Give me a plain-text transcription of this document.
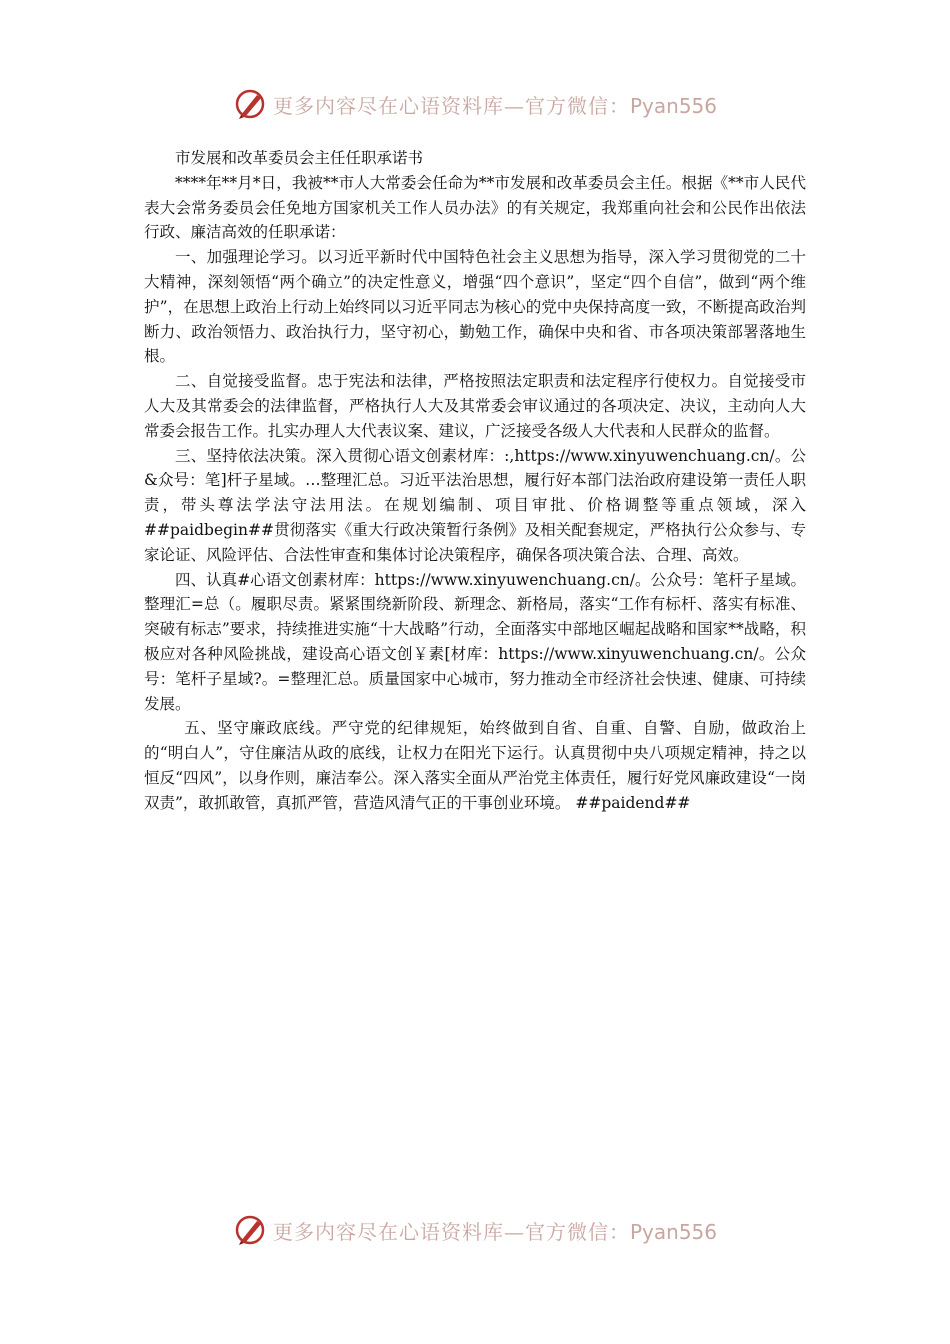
更多内容尽在心语资料库—官方微信：Pyan556

市发展和改革委员会主任任职承诺书

****年**月*日，我被**市人大常委会任命为**市发展和改革委员会主任。根据《**市人民代表大会常务委员会任免地方国家机关工作人员办法》的有关规定，我郑重向社会和公民作出依法行政、廉洁高效的任职承诺：

一、加强理论学习。以习近平新时代中国特色社会主义思想为指导，深入学习贯彻党的二十大精神，深刻领悟“两个确立”的决定性意义，增强“四个意识”，坚定“四个自信”，做到“两个维护”，在思想上政治上行动上始终同以习近平同志为核心的党中央保持高度一致，不断提高政治判断力、政治领悟力、政治执行力，坚守初心，勤勉工作，确保中央和省、市各项决策部署落地生根。

二、自觉接受监督。忠于宪法和法律，严格按照法定职责和法定程序行使权力。自觉接受市人大及其常委会的法律监督，严格执行人大及其常委会审议通过的各项决定、决议，主动向人大常委会报告工作。扎实办理人大代表议案、建议，广泛接受各级人大代表和人民群众的监督。

三、坚持依法决策。深入贯彻心语文创素材库：:,https://www.xinyuwenchuang.cn/。公&众号：笔]杆子星域。…整理汇总。习近平法治思想，履行好本部门法治政府建设第一责任人职责，带头尊法学法守法用法。在规划编制、项目审批、价格调整等重点领域，深入##paidbegin##贯彻落实《重大行政决策暂行条例》及相关配套规定，严格执行公众参与、专家论证、风险评估、合法性审查和集体讨论决策程序，确保各项决策合法、合理、高效。

四、认真#心语文创素材库：https://www.xinyuwenchuang.cn/。公众号：笔杆子星域。整理汇=总（。履职尽责。紧紧围绕新阶段、新理念、新格局，落实“工作有标杆、落实有标准、突破有标志”要求，持续推进实施“十大战略”行动，全面落实中部地区崛起战略和国家**战略，积极应对各种风险挑战，建设高心语文创￥素[材库：https://www.xinyuwenchuang.cn/。公众号：笔杆子星域?。=整理汇总。质量国家中心城市，努力推动全市经济社会快速、健康、可持续发展。

五、坚守廉政底线。严守党的纪律规矩，始终做到自省、自重、自警、自励，做政治上的“明白人”，守住廉洁从政的底线，让权力在阳光下运行。认真贯彻中央八项规定精神，持之以恒反“四风”，以身作则，廉洁奉公。深入落实全面从严治党主体责任，履行好党风廉政建设“一岗双责”，敢抓敢管，真抓严管，营造风清气正的干事创业环境。 ##paidend##

更多内容尽在心语资料库—官方微信：Pyan556
